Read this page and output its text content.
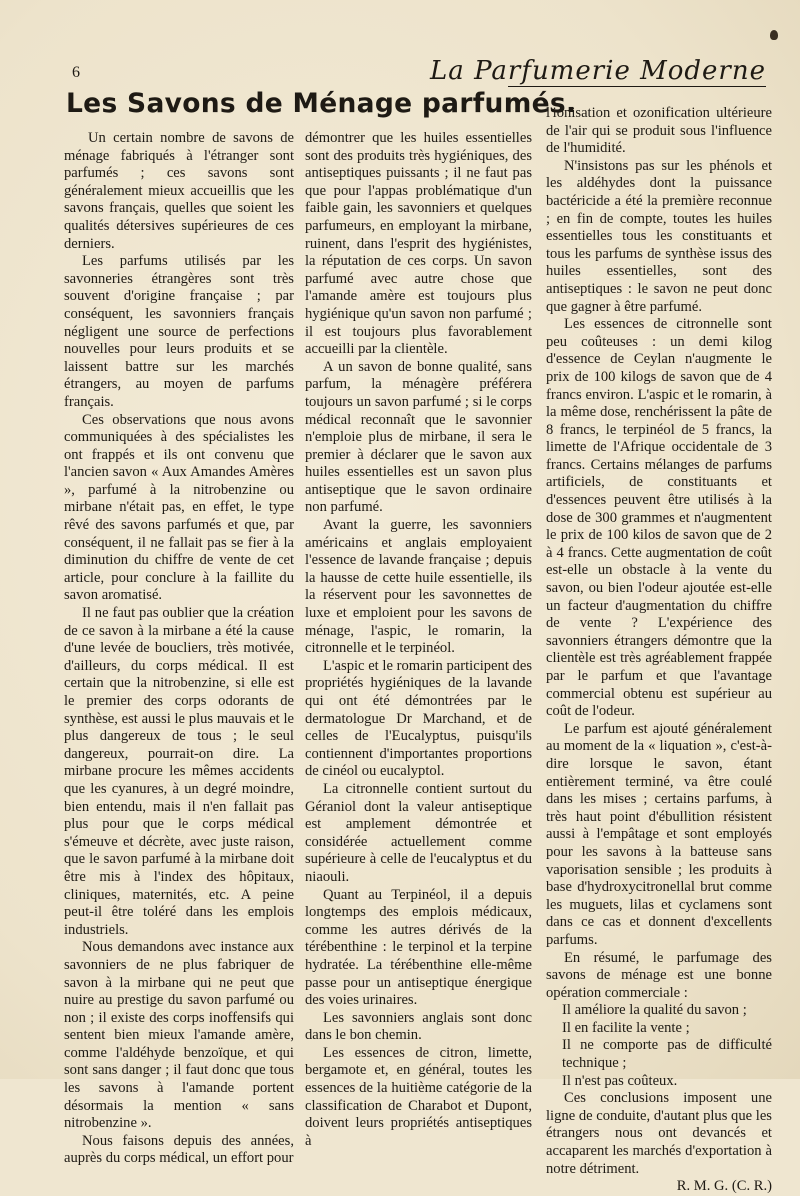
6	La Parfumerie Moderne
Les Savons de Ménage parfumés.

Un certain nombre de savons de ménage fabriqués à l'étranger sont parfumés ; ces savons sont généralement mieux accueillis que les savons français, quelles que soient les qualités détersives supérieures de ces derniers.

Les parfums utilisés par les savonneries étrangères sont très souvent d'origine française ; par conséquent, les savonniers français négligent une source de perfections nouvelles pour leurs produits et se laissent battre sur les marchés étrangers, au moyen de parfums français.

Ces observations que nous avons communiquées à des spécialistes les ont frappés et ils ont convenu que l'ancien savon « Aux Amandes Amères », parfumé à la nitrobenzine ou mirbane n'était pas, en effet, le type rêvé des savons parfumés et que, par conséquent, il ne fallait pas se fier à la diminution du chiffre de vente de cet article, pour conclure à la faillite du savon aromatisé.

Il ne faut pas oublier que la création de ce savon à la mirbane a été la cause d'une levée de boucliers, très motivée, d'ailleurs, du corps médical. Il est certain que la nitrobenzine, si elle est le premier des corps odorants de synthèse, est aussi le plus mauvais et le plus dangereux de tous ; le seul dangereux, pourrait-on dire. La mirbane procure les mêmes accidents que les cyanures, à un degré moindre, bien entendu, mais il n'en fallait pas plus pour que le corps médical s'émeuve et décrète, avec juste raison, que le savon parfumé à la mirbane doit être mis à l'index des hôpitaux, cliniques, maternités, etc. A peine peut-il être toléré dans les emplois industriels.

Nous demandons avec instance aux savonniers de ne plus fabriquer de savon à la mirbane qui ne peut que nuire au prestige du savon parfumé ou non ; il existe des corps inoffensifs qui sentent bien mieux l'amande amère, comme l'aldéhyde benzoïque, et qui sont sans danger ; il faut donc que tous les savons à l'amande portent désormais la mention « sans nitrobenzine ».

Nous faisons depuis des années, auprès du corps médical, un effort pour

démontrer que les huiles essentielles sont des produits très hygiéniques, des antiseptiques puissants ; il ne faut pas que pour l'appas problématique d'un faible gain, les savonniers et quelques parfumeurs, en employant la mirbane, ruinent, dans l'esprit des hygiénistes, la réputation de ces corps. Un savon parfumé avec autre chose que l'amande amère est toujours plus hygiénique qu'un savon non parfumé ; il est toujours plus favorablement accueilli par la clientèle.

A un savon de bonne qualité, sans parfum, la ménagère préférera toujours un savon parfumé ; si le corps médical reconnaît que le savonnier n'emploie plus de mirbane, il sera le premier à déclarer que le savon aux huiles essentielles est un savon plus antiseptique que le savon ordinaire non parfumé.

Avant la guerre, les savonniers américains et anglais employaient l'essence de lavande française ; depuis la hausse de cette huile essentielle, ils la réservent pour les savonnettes de luxe et emploient pour les savons de ménage, l'aspic, le romarin, la citronnelle et le terpinéol.

L'aspic et le romarin participent des propriétés hygiéniques de la lavande qui ont été démontrées par le dermatologue Dr Marchand, et de celles de l'Eucalyptus, puisqu'ils contiennent d'importantes proportions de cinéol ou eucalyptol.

La citronnelle contient surtout du Géraniol dont la valeur antiseptique est amplement démontrée et considérée actuellement comme supérieure à celle de l'eucalyptus et du niaouli.

Quant au Terpinéol, il a depuis longtemps des emplois médicaux, comme les autres dérivés de la térébenthine : le terpinol et la terpine hydratée. La térébenthine elle-même passe pour un antiseptique énergique des voies urinaires.

Les savonniers anglais sont donc dans le bon chemin.

Les essences de citron, limette, bergamote et, en général, toutes les essences de la huitième catégorie de la classification de Charabot et Dupont, doivent leurs propriétés antiseptiques à

l'ionisation et ozonification ultérieure de l'air qui se produit sous l'influence de l'humidité.

N'insistons pas sur les phénols et les aldéhydes dont la puissance bactéricide a été la première reconnue ; en fin de compte, toutes les huiles essentielles tous les constituants et tous les parfums de synthèse issus des huiles essentielles, sont des antiseptiques : le savon ne peut donc que gagner à être parfumé.

Les essences de citronnelle sont peu coûteuses : un demi kilog d'essence de Ceylan n'augmente le prix de 100 kilogs de savon que de 4 francs environ. L'aspic et le romarin, à la même dose, renchérissent la pâte de 8 francs, le terpinéol de 5 francs, la limette de l'Afrique occidentale de 3 francs. Certains mélanges de parfums artificiels, de constituants et d'essences peuvent être utilisés à la dose de 300 grammes et n'augmentent le prix de 100 kilos de savon que de 2 à 4 francs. Cette augmentation de coût est-elle un obstacle à la vente du savon, ou bien l'odeur ajoutée est-elle un facteur d'augmentation du chiffre de vente ? L'expérience des savonniers étrangers démontre que la clientèle est très agréablement frappée par le parfum et que l'avantage commercial obtenu est supérieur au coût de l'odeur.

Le parfum est ajouté généralement au moment de la « liquation », c'est-à-dire lorsque le savon, étant entièrement terminé, va être coulé dans les mises ; certains parfums, à très haut point d'ébullition résistent aussi à l'empâtage et sont employés pour les savons à la batteuse sans vaporisation sensible ; les produits à base d'hydroxycitronellal brut comme les muguets, lilas et cyclamens sont dans ce cas et donnent d'excellents parfums.

En résumé, le parfumage des savons de ménage est une bonne opération commerciale :

Il améliore la qualité du savon ;

Il en facilite la vente ;

Il ne comporte pas de difficulté technique ;

Il n'est pas coûteux.

Ces conclusions imposent une ligne de conduite, d'autant plus que les étrangers nous ont devancés et accaparent les marchés d'exportation à notre détriment.

R. M. G. (C. R.)
